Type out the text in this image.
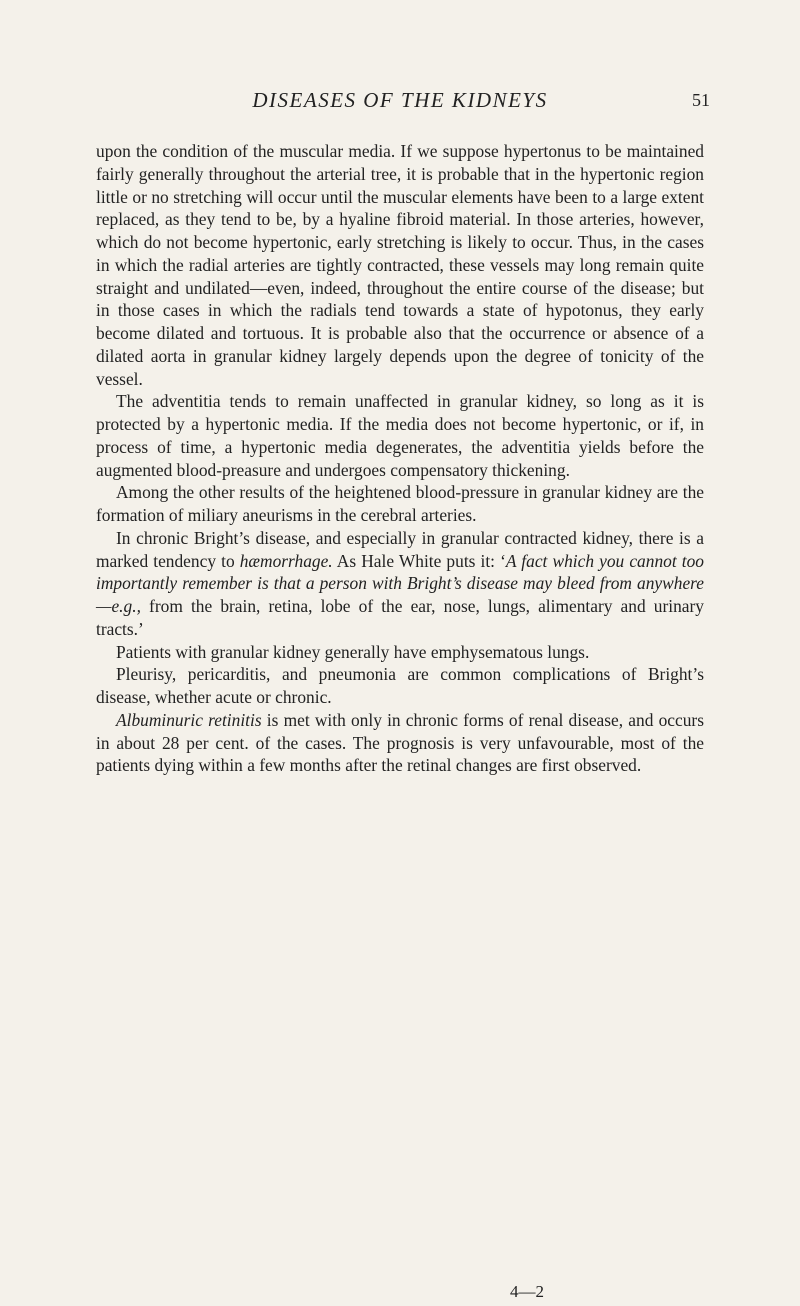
DISEASES OF THE KIDNEYS	51

upon the condition of the muscular media. If we suppose hypertonus to be maintained fairly generally throughout the arterial tree, it is probable that in the hypertonic region little or no stretching will occur until the muscular elements have been to a large extent replaced, as they tend to be, by a hyaline fibroid material. In those arteries, however, which do not become hypertonic, early stretching is likely to occur. Thus, in the cases in which the radial arteries are tightly contracted, these vessels may long remain quite straight and undilated—even, indeed, throughout the entire course of the disease; but in those cases in which the radials tend towards a state of hypotonus, they early become dilated and tortuous. It is probable also that the occurrence or absence of a dilated aorta in granular kidney largely depends upon the degree of tonicity of the vessel.

The adventitia tends to remain unaffected in granular kidney, so long as it is protected by a hypertonic media. If the media does not become hypertonic, or if, in process of time, a hypertonic media degenerates, the adventitia yields before the augmented blood-preasure and undergoes compensatory thickening.

Among the other results of the heightened blood-pressure in granular kidney are the formation of miliary aneurisms in the cerebral arteries.

In chronic Bright’s disease, and especially in granular contracted kidney, there is a marked tendency to hæmorrhage. As Hale White puts it: ‘A fact which you cannot too importantly remember is that a person with Bright’s disease may bleed from anywhere—e.g., from the brain, retina, lobe of the ear, nose, lungs, alimentary and urinary tracts.’

Patients with granular kidney generally have emphysematous lungs.

Pleurisy, pericarditis, and pneumonia are common complications of Bright’s disease, whether acute or chronic.

Albuminuric retinitis is met with only in chronic forms of renal disease, and occurs in about 28 per cent. of the cases. The prognosis is very unfavourable, most of the patients dying within a few months after the retinal changes are first observed.

4—2
